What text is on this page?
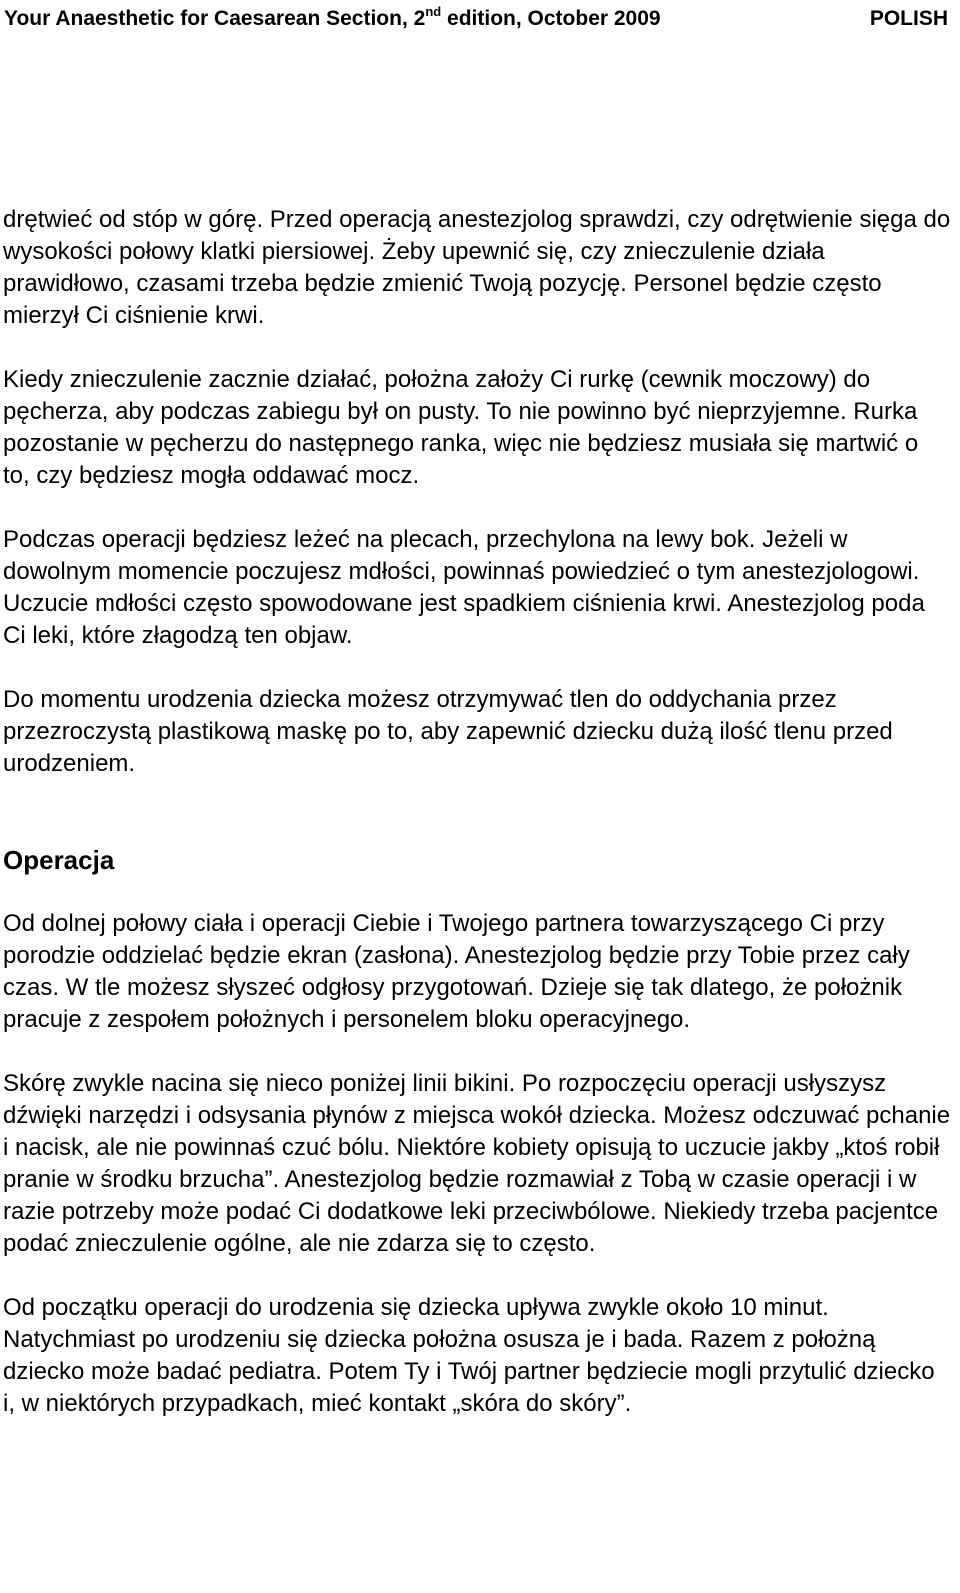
Your Anaesthetic for Caesarean Section, 2nd edition, October 2009	POLISH

drętwieć od stóp w górę. Przed operacją anestezjolog sprawdzi, czy odrętwienie sięga do wysokości połowy klatki piersiowej. Żeby upewnić się, czy znieczulenie działa prawidłowo, czasami trzeba będzie zmienić Twoją pozycję. Personel będzie często mierzył Ci ciśnienie krwi.

Kiedy znieczulenie zacznie działać, położna założy Ci rurkę (cewnik moczowy) do pęcherza, aby podczas zabiegu był on pusty. To nie powinno być nieprzyjemne. Rurka pozostanie w pęcherzu do następnego ranka, więc nie będziesz musiała się martwić o to, czy będziesz mogła oddawać mocz.

Podczas operacji będziesz leżeć na plecach, przechylona na lewy bok. Jeżeli w dowolnym momencie poczujesz mdłości, powinnaś powiedzieć o tym anestezjologowi. Uczucie mdłości często spowodowane jest spadkiem ciśnienia krwi. Anestezjolog poda Ci leki, które złagodzą ten objaw.

Do momentu urodzenia dziecka możesz otrzymywać tlen do oddychania przez przezroczystą plastikową maskę po to, aby zapewnić dziecku dużą ilość tlenu przed urodzeniem.

Operacja

Od dolnej połowy ciała i operacji Ciebie i Twojego partnera towarzyszącego Ci przy porodzie oddzielać będzie ekran (zasłona). Anestezjolog będzie przy Tobie przez cały czas. W tle możesz słyszeć odgłosy przygotowań. Dzieje się tak dlatego, że położnik pracuje z zespołem położnych i personelem bloku operacyjnego.

Skórę zwykle nacina się nieco poniżej linii bikini. Po rozpoczęciu operacji usłyszysz dźwięki narzędzi i odsysania płynów z miejsca wokół dziecka. Możesz odczuwać pchanie i nacisk, ale nie powinnaś czuć bólu. Niektóre kobiety opisują to uczucie jakby „ktoś robił pranie w środku brzucha”. Anestezjolog będzie rozmawiał z Tobą w czasie operacji i w razie potrzeby może podać Ci dodatkowe leki przeciwbólowe. Niekiedy trzeba pacjentce podać znieczulenie ogólne, ale nie zdarza się to często.

Od początku operacji do urodzenia się dziecka upływa zwykle około 10 minut. Natychmiast po urodzeniu się dziecka położna osusza je i bada. Razem z położną dziecko może badać pediatra. Potem Ty i Twój partner będziecie mogli przytulić dziecko i, w niektórych przypadkach, mieć kontakt „skóra do skóry”.
